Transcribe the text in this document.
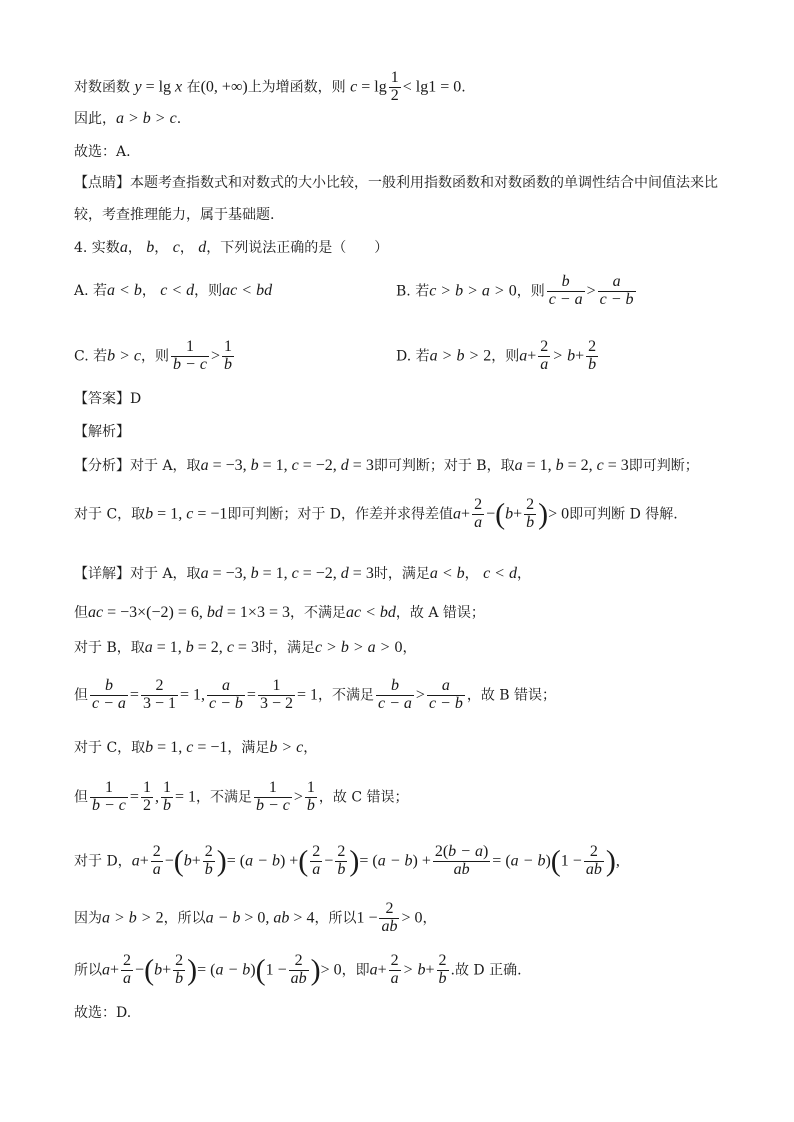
对数函数 y = lg x 在(0, +∞)上为增函数，则 $c = \lg \frac{1}{2} < \lg 1 = 0$.
因此，a > b > c.
故选：A.
【点睛】本题考查指数式和对数式的大小比较，一般利用指数函数和对数函数的单调性结合中间值法来比
较，考查推理能力，属于基础题.
4. 实数a， b， c， d，下列说法正确的是（　　）
A. 若a < b， c < d，则ac < bd	B. 若c > b > a > 0，则 $\frac{b}{c - a} > \frac{a}{c - b}$
C. 若b > c，则 $\frac{1}{b - c} > \frac{1}{b}$	D. 若a > b > 2，则$a+ \frac{2}{a} > b+ \frac{2}{b}$
【答案】D
【解析】
【分析】对于 A，取a = −3, b = 1, c = −2, d = 3即可判断；对于 B，取a = 1, b = 2, c = 3即可判断；
对于 C，取b = 1, c = −1即可判断；对于 D，作差并求得差值$a+ \frac{2}{a} -(b+ \frac{2}{b}$ )> 0即可判断 D 得解.
【详解】对于 A，取a = −3, b = 1, c = −2, d = 3时，满足a < b， c < d，
但ac = −3×(−2) = 6, bd = 1×3 = 3，不满足ac < bd，故 A 错误；
对于 B，取a = 1, b = 2, c = 3时，满足c > b > a > 0，
但 $\frac{b}{c - a} = \frac{2}{3 - 1} = 1$, $\frac{a}{c - b} = \frac{1}{3 - 2} = 1$，不满足 $\frac{b}{c - a} > \frac{a}{c - b}$ ，故 B 错误；
对于 C，取b = 1, c = −1，满足b > c，
但 $\frac{1}{b - c} = \frac{1}{2}$ , $\frac{1}{b} = 1$，不满足 $\frac{1}{b - c} > \frac{1}{b}$ ，故 C 错误；
对于 D，$a+ \frac{2}{a} -(b+ \frac{2}{b}$ )= (a − b) +( $\frac{2}{a} - \frac{2}{b}$ )= $(a - b) + \frac{2(b - a)}{ab} = (a - b)(1 - \frac{2}{ab}$ ),
因为a > b > 2，所以a − b > 0, ab > 4，所以$1 - \frac{2}{ab} > 0$，
所以$a+ \frac{2}{a} -(b+ \frac{2}{b}$ )= $(a - b)(1 - \frac{2}{ab}$ )> 0，即$a+ \frac{2}{a} > b+ \frac{2}{b}$ .故 D 正确.
故选：D.
